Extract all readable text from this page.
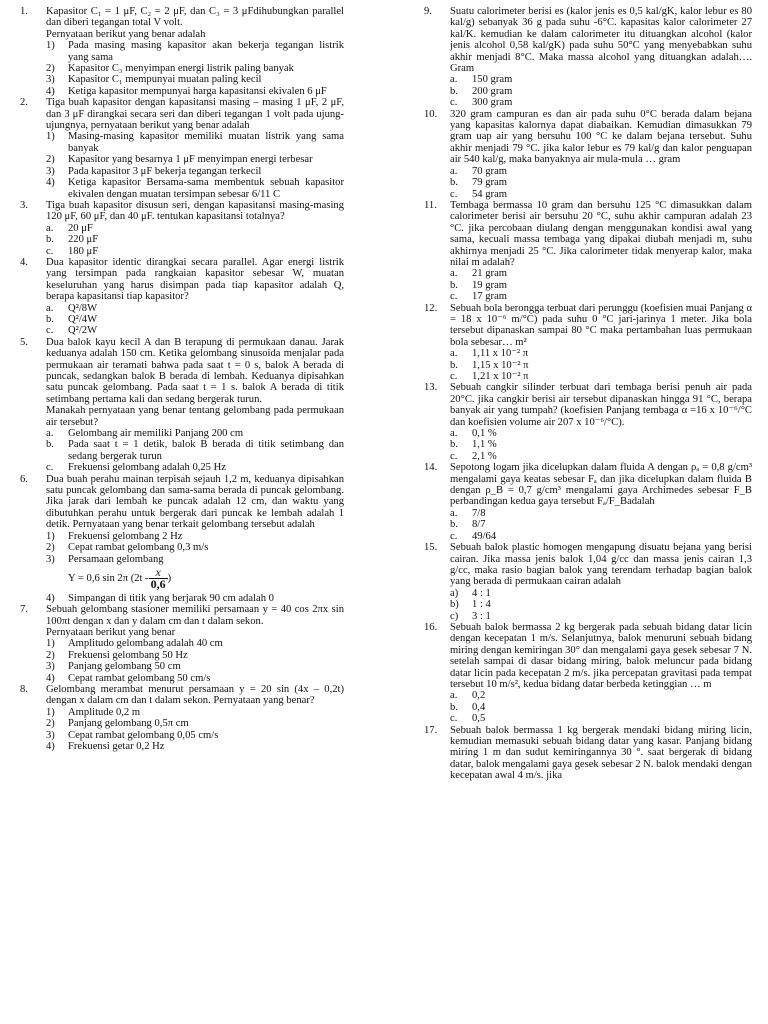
1.	Kapasitor C₁ = 1 μF, C₂ = 2 μF, dan C₃ = 3 μFdihubungkan parallel dan diberi tegangan total V volt.
Pernyataan berikut yang benar adalah
1) Pada masing masing kapasitor akan bekerja tegangan listrik yang sama
2) Kapasitor C₃ menyimpan energi listrik paling banyak
3) Kapasitor C₁ mempunyai muatan paling kecil
4) Ketiga kapasitor mempunyai harga kapasitansi ekivalen 6 μF
2.	Tiga buah kapasitor dengan kapasitansi masing – masing 1 μF, 2 μF, dan 3 μF dirangkai secara seri dan diberi tegangan 1 volt pada ujung-ujungnya, pernyataan berikut yang benar adalah
1) Masing-masing kapasitor memiliki muatan listrik yang sama banyak
2) Kapasitor yang besarnya 1 μF menyimpan energi terbesar
3) Pada kapasitor 3 μF bekerja tegangan terkecil
4) Ketiga kapasitor Bersama-sama membentuk sebuah kapasitor ekivalen dengan muatan tersimpan sebesar 6/11 C
3.	Tiga buah kapasitor disusun seri, dengan kapasitansi masing-masing 120 μF, 60 μF, dan 40 μF. tentukan kapasitansi totalnya?
a. 20 μF
b. 220 μF
c. 180 μF
4.	Dua kapasitor identic dirangkai secara parallel. Agar energi listrik yang tersimpan pada rangkaian kapasitor sebesar W, muatan keseluruhan yang harus disimpan pada tiap kapasitor adalah Q, berapa kapasitansi tiap kapasitor?
a. Q²/8W
b. Q²/4W
c. Q²/2W
5.	Dua balok kayu kecil A dan B terapung di permukaan danau. Jarak keduanya adalah 150 cm. Ketika gelombang sinusoida menjalar pada permukaan air teramati bahwa pada saat t = 0 s, balok A berada di puncak, sedangkan balok B berada di lembah. Keduanya dipisahkan satu puncak gelombang. Pada saat t = 1 s. balok A berada di titik setimbang pertama kali dan sedang bergerak turun.
Manakah pernyataan yang benar tentang gelombang pada permukaan air tersebut?
a. Gelombang air memiliki Panjang 200 cm
b. Pada saat t = 1 detik, balok B berada di titik setimbang dan sedang bergerak turun
c. Frekuensi gelombang adalah 0,25 Hz
6.	Dua buah perahu mainan terpisah sejauh 1,2 m, keduanya dipisahkan satu puncak gelombang dan sama-sama berada di puncak gelombang. Jika jarak dari lembah ke puncak adalah 12 cm, dan waktu yang dibutuhkan perahu untuk bergerak dari puncak ke lembah adalah 1 detik. Pernyataan yang benar terkait gelombang tersebut adalah
1) Frekuensi gelombang 2 Hz
2) Cepat rambat gelombang 0,3 m/s
3) Persamaan gelombang
Y = 0,6 sin 2π ($2t - \frac{x}{0,6}$ )
4) Simpangan di titik yang berjarak 90 cm adalah 0
7.	Sebuah gelombang stasioner memiliki persamaan y = 40 cos 2πx sin 100πt dengan x dan y dalam cm dan t dalam sekon.
Pernyataan berikut yang benar
1) Amplitudo gelombang adalah 40 cm
2) Frekuensi gelombang 50 Hz
3) Panjang gelombang 50 cm
4) Cepat rambat gelombang 50 cm/s
8.	Gelombang merambat menurut persamaan y = 20 sin (4x – 0,2t) dengan x dalam cm dan t dalam sekon. Pernyataan yang benar?
1) Amplitude 0,2 m
2) Panjang gelombang 0,5π cm
3) Cepat rambat gelombang 0,05 cm/s
4) Frekuensi getar 0,2 Hz
9.	Suatu calorimeter berisi es (kalor jenis es 0,5 kal/gK, kalor lebur es 80 kal/g) sebanyak 36 g pada suhu -6°C. kapasitas kalor calorimeter 27 kal/K. kemudian ke dalam calorimeter itu dituangkan alcohol (kalor jenis alcohol 0,58 kal/gK) pada suhu 50°C yang menyebabkan suhu akhir menjadi 8°C. Maka massa alcohol yang dituangkan adalah…. Gram
a. 150 gram
b. 200 gram
c. 300 gram
10.	320 gram campuran es dan air pada suhu 0°C berada dalam bejana yang kapasitas kalornya dapat diabaikan. Kemudian dimasukkan 79 gram uap air yang bersuhu 100 °C ke dalam bejana tersebut. Suhu akhir menjadi 79 °C. jika kalor lebur es 79 kal/g dan kalor penguapan air 540 kal/g, maka banyaknya air mula-mula … gram
a. 70 gram
b. 79 gram
c. 54 gram
11.	Tembaga bermassa 10 gram dan bersuhu 125 °C dimasukkan dalam calorimeter berisi air bersuhu 20 °C, suhu akhir campuran adalah 23 °C. jika percobaan diulang dengan menggunakan kondisi awal yang sama, kecuali massa tembaga yang dipakai diubah menjadi m, suhu akhirnya menjadi 25 °C. Jika calorimeter tidak menyerap kalor, maka nilai m adalah?
a. 21 gram
b. 19 gram
c. 17 gram
12.	Sebuah bola berongga terbuat dari perunggu (koefisien muai Panjang α = 18 x 10⁻⁶ m/°C) pada suhu 0 °C jari-jarinya 1 meter. Jika bola tersebut dipanaskan sampai 80 °C maka pertambahan luas permukaan bola sebesar… m²
a. 1,11 x 10⁻² π
b. 1,15 x 10⁻² π
c. 1,21 x 10⁻² π
13.	Sebuah cangkir silinder terbuat dari tembaga berisi penuh air pada 20°C. jika cangkir berisi air tersebut dipanaskan hingga 91 °C, berapa banyak air yang tumpah? (koefisien Panjang tembaga α =16 x 10⁻⁶/°C dan koefisien volume air 207 x 10⁻⁶/°C).
a. 0,1 %
b. 1,1 %
c. 2,1 %
14.	Sepotong logam jika dicelupkan dalam fluida A dengan ρₐ = 0,8 g/cm³ mengalami gaya keatas sebesar Fₐ dan jika dicelupkan dalam fluida B dengan ρ_B = 0,7 g/cm³ mengalami gaya Archimedes sebesar F_B perbandingan kedua gaya tersebut Fₐ/F_Badalah
a. 7/8
b. 8/7
c. 49/64
15.	Sebuah balok plastic homogen mengapung disuatu bejana yang berisi cairan. Jika massa jenis balok 1,04 g/cc dan massa jenis cairan 1,3 g/cc, maka rasio bagian balok yang terendam terhadap bagian balok yang berada di permukaan cairan adalah
a) 4 : 1
b) 1 : 4
c) 3 : 1
16.	Sebuah balok bermassa 2 kg bergerak pada sebuah bidang datar licin dengan kecepatan 1 m/s. Selanjutnya, balok menuruni sebuah bidang miring dengan kemiringan 30° dan mengalami gaya gesek sebesar 7 N. setelah sampai di dasar bidang miring, balok meluncur pada bidang datar licin pada kecepatan 2 m/s. jika percepatan gravitasi pada tempat tersebut 10 m/s², kedua bidang datar berbeda ketinggian … m
a. 0,2
b. 0,4
c. 0,5
17.	Sebuah balok bermassa 1 kg bergerak mendaki bidang miring licin, kemudian memasuki sebuah bidang datar yang kasar. Panjang bidang miring 1 m dan sudut kemiringannya 30 °. saat bergerak di bidang datar, balok mengalami gaya gesek sebesar 2 N. balok mendaki dengan kecepatan awal 4 m/s. jika
